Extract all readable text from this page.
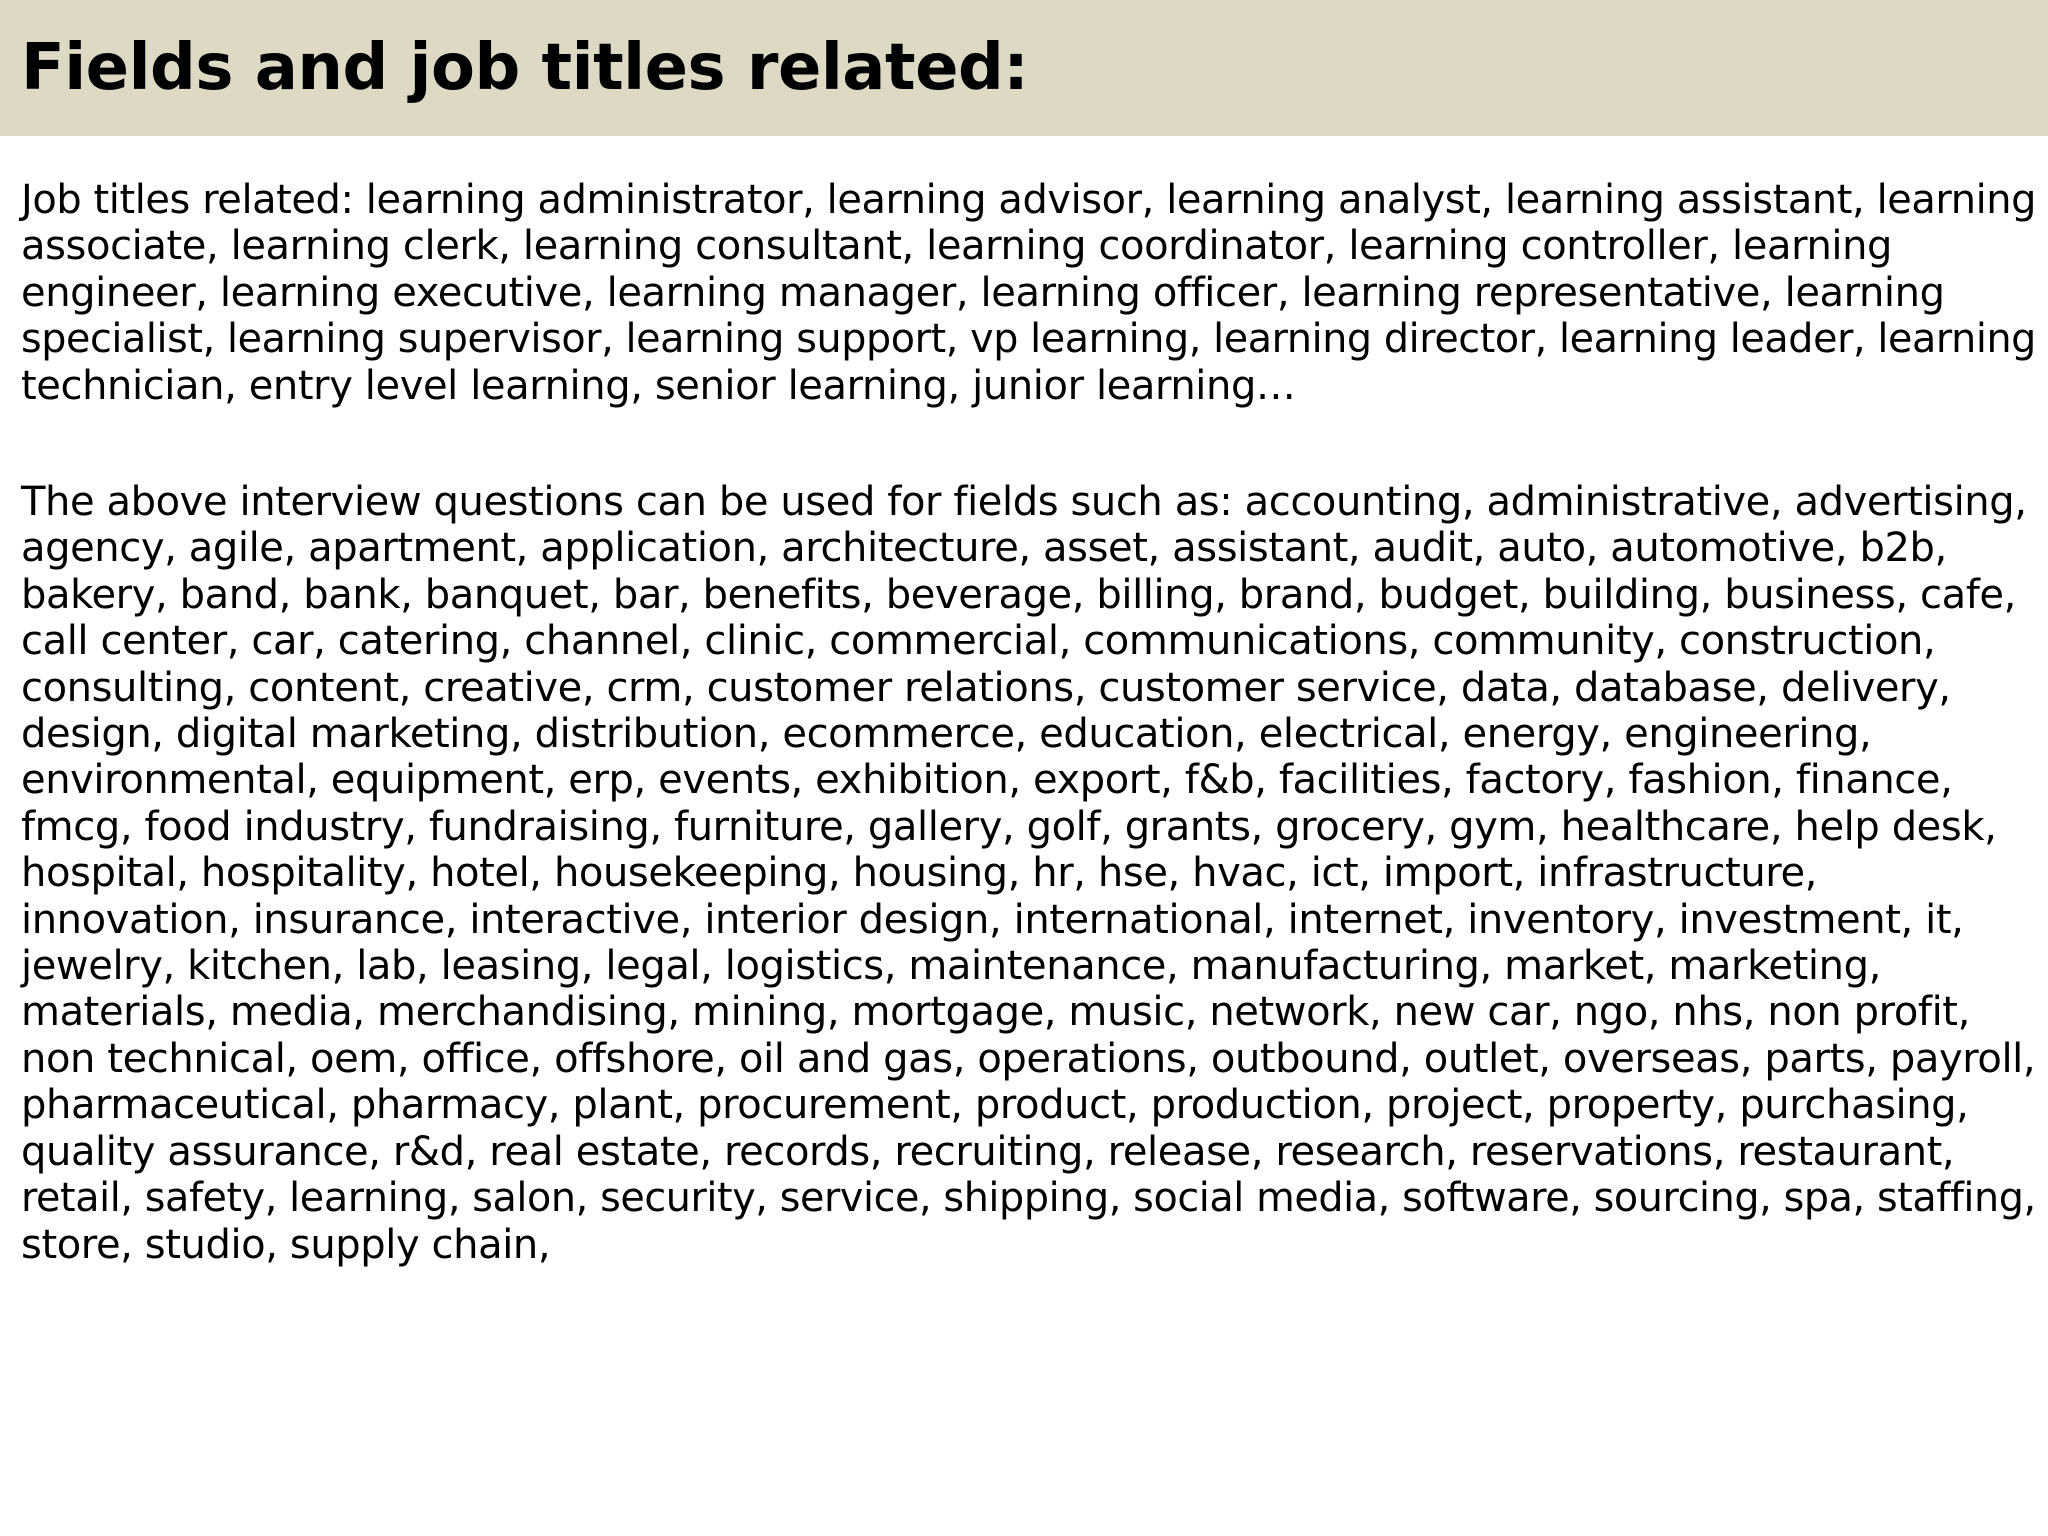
Fields and job titles related:

Job titles related: learning administrator, learning advisor, learning analyst, learning assistant, learning
associate, learning clerk, learning consultant, learning coordinator, learning controller, learning
engineer, learning executive, learning manager, learning officer, learning representative, learning
specialist, learning supervisor, learning support, vp learning, learning director, learning leader, learning
technician, entry level learning, senior learning, junior learning…

The above interview questions can be used for fields such as: accounting, administrative, advertising,
agency, agile, apartment, application, architecture, asset, assistant, audit, auto, automotive, b2b,
bakery, band, bank, banquet, bar, benefits, beverage, billing, brand, budget, building, business, cafe,
call center, car, catering, channel, clinic, commercial, communications, community, construction,
consulting, content, creative, crm, customer relations, customer service, data, database, delivery,
design, digital marketing, distribution, ecommerce, education, electrical, energy, engineering,
environmental, equipment, erp, events, exhibition, export, f&b, facilities, factory, fashion, finance,
fmcg, food industry, fundraising, furniture, gallery, golf, grants, grocery, gym, healthcare, help desk,
hospital, hospitality, hotel, housekeeping, housing, hr, hse, hvac, ict, import, infrastructure,
innovation, insurance, interactive, interior design, international, internet, inventory, investment, it,
jewelry, kitchen, lab, leasing, legal, logistics, maintenance, manufacturing, market, marketing,
materials, media, merchandising, mining, mortgage, music, network, new car, ngo, nhs, non profit,
non technical, oem, office, offshore, oil and gas, operations, outbound, outlet, overseas, parts, payroll,
pharmaceutical, pharmacy, plant, procurement, product, production, project, property, purchasing,
quality assurance, r&d, real estate, records, recruiting, release, research, reservations, restaurant,
retail, safety, learning, salon, security, service, shipping, social media, software, sourcing, spa, staffing,
store, studio, supply chain,
